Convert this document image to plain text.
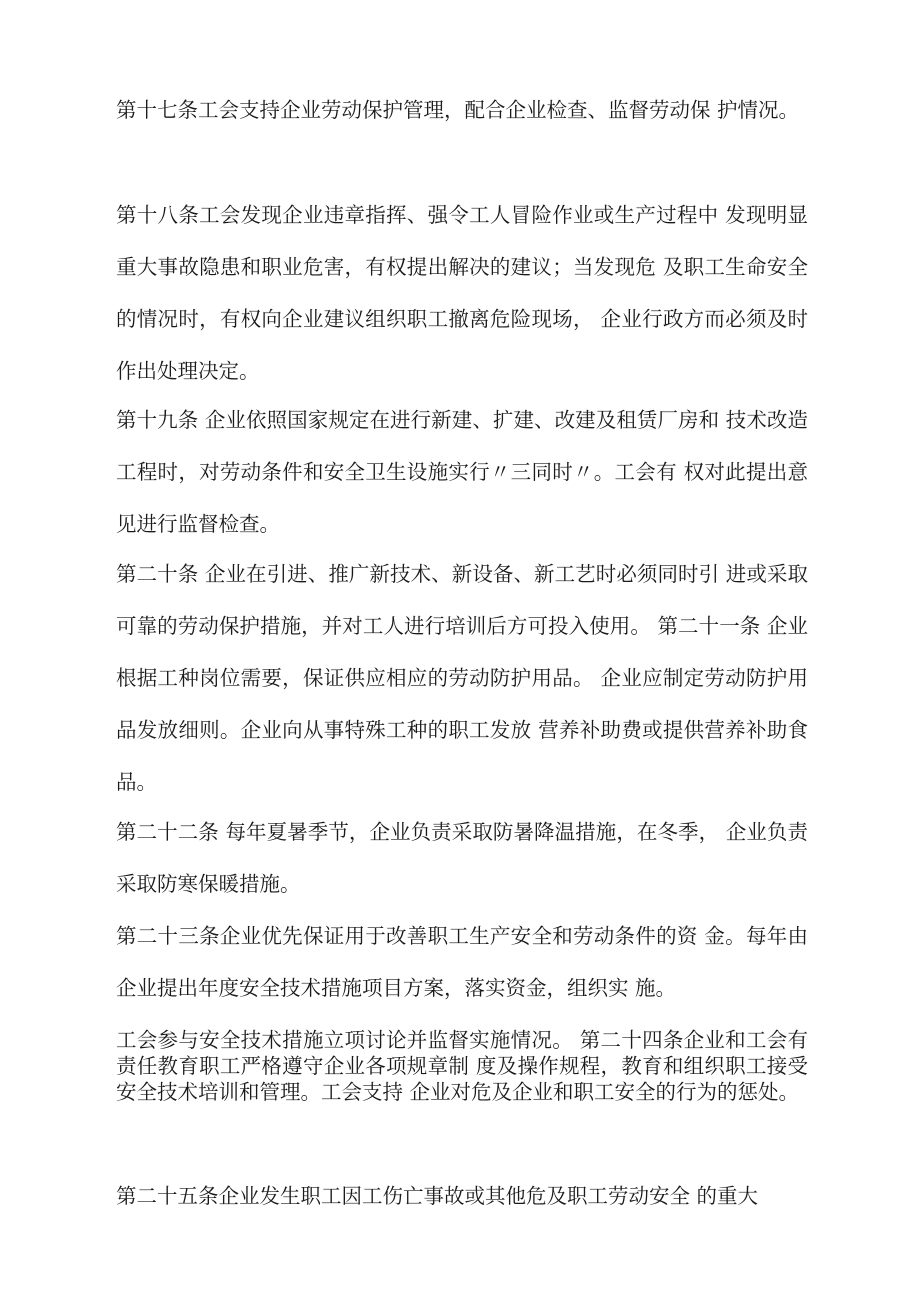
第十七条工会支持企业劳动保护管理，配合企业检查、监督劳动保 护情况。

第十八条工会发现企业违章指挥、强令工人冒险作业或生产过程中 发现明显重大事故隐患和职业危害，有权提出解决的建议；当发现危 及职工生命安全的情况时，有权向企业建议组织职工撤离危险现场， 企业行政方而必须及时作出处理决定。

第十九条 企业依照国家规定在进行新建、扩建、改建及租赁厂房和 技术改造工程时，对劳动条件和安全卫生设施实行〃三同时〃。工会有 权对此提出意见进行监督检查。

第二十条 企业在引进、推广新技术、新设备、新工艺时必须同时引 进或采取可靠的劳动保护措施，并对工人进行培训后方可投入使用。 第二十一条 企业根据工种岗位需要，保证供应相应的劳动防护用品。 企业应制定劳动防护用品发放细则。企业向从事特殊工种的职工发放 营养补助费或提供营养补助食品。

第二十二条 每年夏暑季节，企业负责采取防暑降温措施，在冬季， 企业负责采取防寒保暖措施。

第二十三条企业优先保证用于改善职工生产安全和劳动条件的资 金。每年由企业提出年度安全技术措施项目方案，落实资金，组织实 施。

工会参与安全技术措施立项讨论并监督实施情况。 第二十四条企业和工会有责任教育职工严格遵守企业各项规章制 度及操作规程，教育和组织职工接受安全技术培训和管理。工会支持 企业对危及企业和职工安全的行为的惩处。

第二十五条企业发生职工因工伤亡事故或其他危及职工劳动安全 的重大
